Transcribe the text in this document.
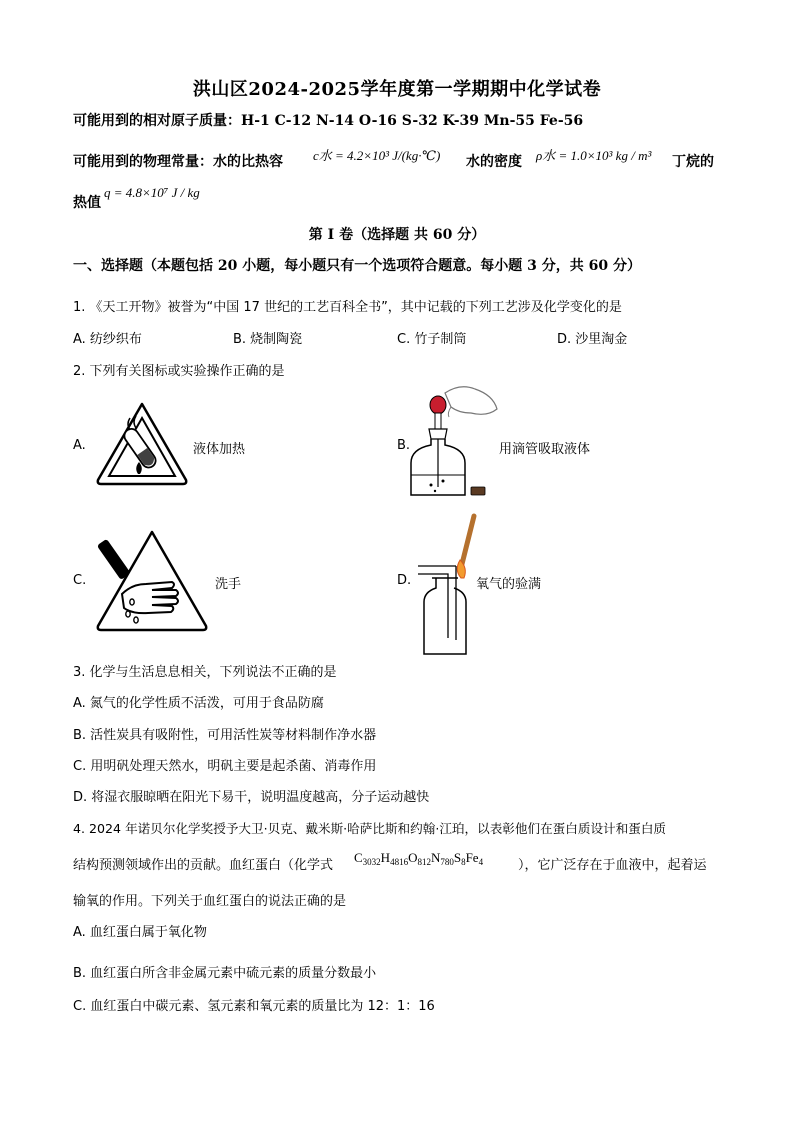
洪山区2024-2025学年度第一学期期中化学试卷
可能用到的相对原子质量：H-1 C-12 N-14 O-16 S-32 K-39 Mn-55 Fe-56
可能用到的物理常量：水的比热容 c水 = 4.2×10³ J/(kg·℃) 水的密度 ρ水 = 1.0×10³ kg / m³ 丁烷的
热值
q = 4.8×10⁷ J / kg
第 I 卷（选择题 共 60 分）
一、选择题（本题包括 20 小题，每小题只有一个选项符合题意。每小题 3 分，共 60 分）
1. 《天工开物》被誉为“中国 17 世纪的工艺百科全书”，其中记载的下列工艺涉及化学变化的是
A. 纺纱织布	B. 烧制陶瓷	C. 竹子制筒	D. 沙里淘金
2. 下列有关图标或实验操作正确的是
A.	液体加热	B.	用滴管吸取液体
C.	洗手	D.	氧气的验满
3. 化学与生活息息相关，下列说法不正确的是
A. 氮气的化学性质不活泼，可用于食品防腐
B. 活性炭具有吸附性，可用活性炭等材料制作净水器
C. 用明矾处理天然水，明矾主要是起杀菌、消毒作用
D. 将湿衣服晾晒在阳光下易干，说明温度越高，分子运动越快
4. 2024 年诺贝尔化学奖授予大卫·贝克、戴米斯·哈萨比斯和约翰·江珀，以表彰他们在蛋白质设计和蛋白质
结构预测领域作出的贡献。血红蛋白（化学式
$C_{3032}H_{4816}O_{812}N_{780}S_8Fe_4$	），它广泛存在于血液中，起着运
输氧的作用。下列关于血红蛋白的说法正确的是
A. 血红蛋白属于氧化物
B. 血红蛋白所含非金属元素中硫元素的质量分数最小
C. 血红蛋白中碳元素、氢元素和氧元素的质量比为 12：1：16
